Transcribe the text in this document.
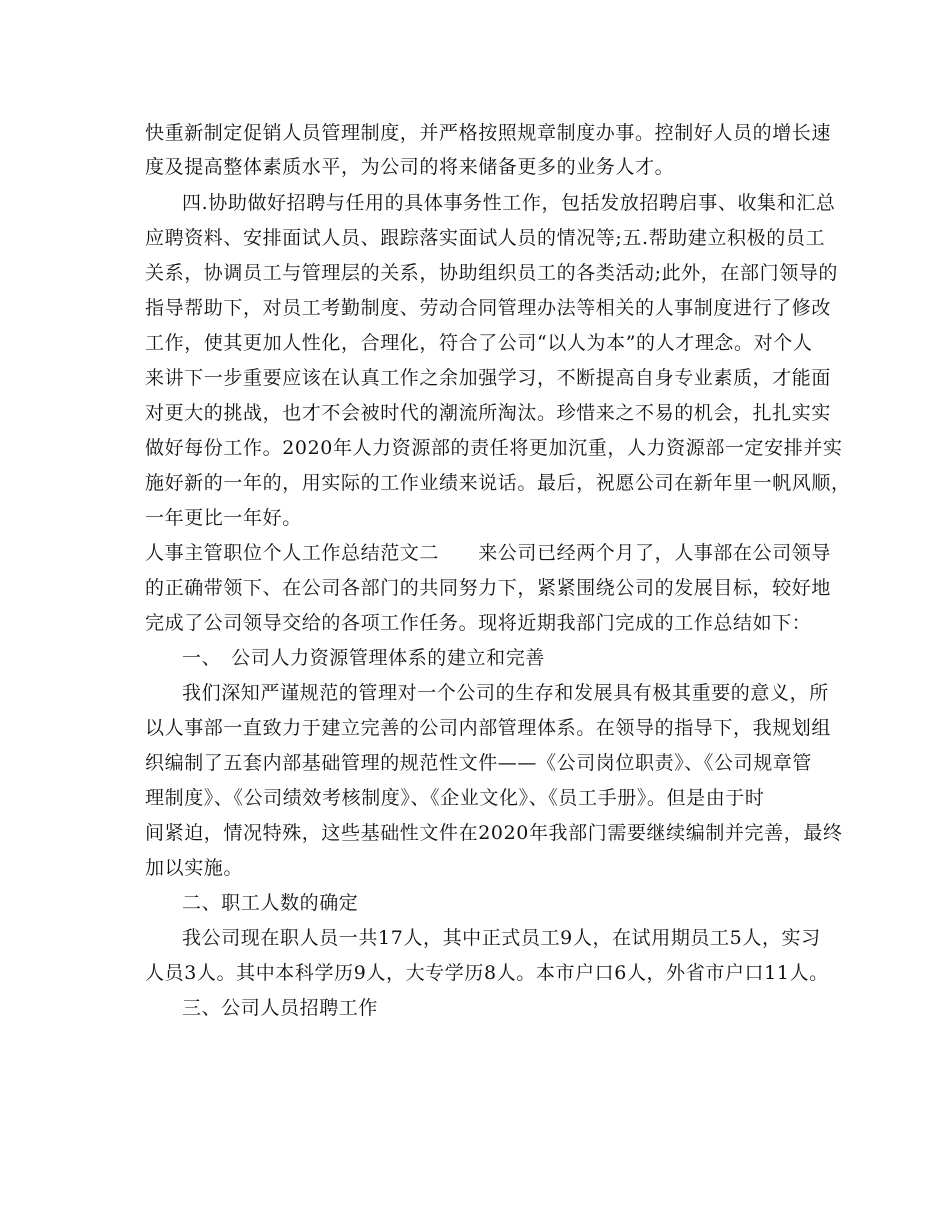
快重新制定促销人员管理制度，并严格按照规章制度办事。控制好人员的增长速
度及提高整体素质水平，为公司的将来储备更多的业务人才。
四.协助做好招聘与任用的具体事务性工作，包括发放招聘启事、收集和汇总
应聘资料、安排面试人员、跟踪落实面试人员的情况等;五.帮助建立积极的员工
关系，协调员工与管理层的关系，协助组织员工的各类活动;此外，在部门领导的
指导帮助下，对员工考勤制度、劳动合同管理办法等相关的人事制度进行了修改
工作，使其更加人性化，合理化，符合了公司“以人为本”的人才理念。对个人
来讲下一步重要应该在认真工作之余加强学习，不断提高自身专业素质，才能面
对更大的挑战，也才不会被时代的潮流所淘汰。珍惜来之不易的机会，扎扎实实
做好每份工作。2020年人力资源部的责任将更加沉重，人力资源部一定安排并实
施好新的一年的，用实际的工作业绩来说话。最后，祝愿公司在新年里一帆风顺，
一年更比一年好。
人事主管职位个人工作总结范文二　　来公司已经两个月了，人事部在公司领导
的正确带领下、在公司各部门的共同努力下，紧紧围绕公司的发展目标，较好地
完成了公司领导交给的各项工作任务。现将近期我部门完成的工作总结如下：
一、　公司人力资源管理体系的建立和完善
我们深知严谨规范的管理对一个公司的生存和发展具有极其重要的意义，所
以人事部一直致力于建立完善的公司内部管理体系。在领导的指导下，我规划组
织编制了五套内部基础管理的规范性文件——《公司岗位职责》、《公司规章管
理制度》、《公司绩效考核制度》、《企业文化》、《员工手册》。但是由于时
间紧迫，情况特殊，这些基础性文件在2020年我部门需要继续编制并完善，最终
加以实施。
二、职工人数的确定
我公司现在职人员一共17人，其中正式员工9人，在试用期员工5人，实习
人员3人。其中本科学历9人，大专学历8人。本市户口6人，外省市户口11人。
三、公司人员招聘工作
